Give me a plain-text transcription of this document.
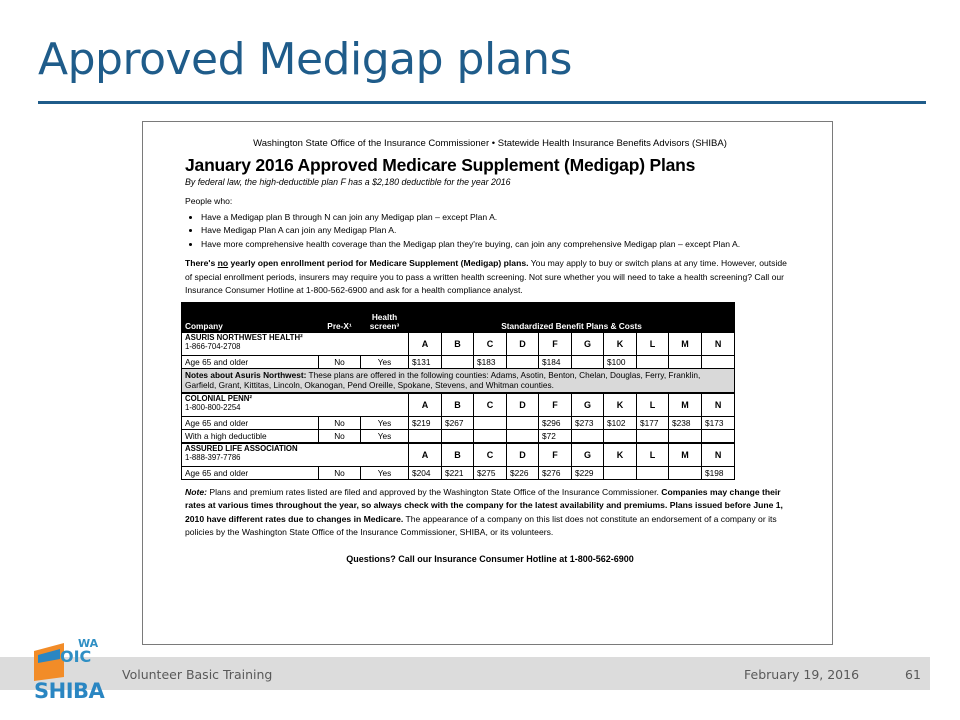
Approved Medigap plans
Washington State Office of the Insurance Commissioner • Statewide Health Insurance Benefits Advisors (SHIBA)
January 2016 Approved Medicare Supplement (Medigap) Plans
By federal law, the high-deductible plan F has a $2,180 deductible for the year 2016
People who:
• Have a Medigap plan B through N can join any Medigap plan – except Plan A.
• Have Medigap Plan A can join any Medigap Plan A.
• Have more comprehensive health coverage than the Medigap plan they're buying, can join any comprehensive Medigap plan – except Plan A.
There's no yearly open enrollment period for Medicare Supplement (Medigap) plans. You may apply to buy or switch plans at any time. However, outside of special enrollment periods, insurers may require you to pass a written health screening. Not sure whether you will need to take a health screening? Call our Insurance Consumer Hotline at 1-800-562-6900 and ask for a health compliance analyst.
Company	Pre-X¹	Health screen³	Standardized Benefit Plans & Costs									
ASURIS NORTHWEST HEALTH²
1-866-704-2708			A	B	C	D	F	G	K	L	M	N
Age 65 and older	No	Yes	$131		$183		$184		$100			
Notes about Asuris Northwest: These plans are offered in the following counties: Adams, Asotin, Benton, Chelan, Douglas, Ferry, Franklin, Garfield, Grant, Kittitas, Lincoln, Okanogan, Pend Oreille, Spokane, Stevens, and Whitman counties.												
COLONIAL PENN²
1-800-800-2254			A	B	C	D	F	G	K	L	M	N
Age 65 and older	No	Yes	$219	$267			$296	$273	$102	$177	$238	$173
With a high deductible	No	Yes					$72					
ASSURED LIFE ASSOCIATION
1-888-397-7786			A	B	C	D	F	G	K	L	M	N
Age 65 and older	No	Yes	$204	$221	$275	$226	$276	$229				$198
Note: Plans and premium rates listed are filed and approved by the Washington State Office of the Insurance Commissioner. Companies may change their rates at various times throughout the year, so always check with the company for the latest availability and premiums. Plans issued before June 1, 2010 have different rates due to changes in Medicare. The appearance of a company on this list does not constitute an endorsement of a company or its policies by the Washington State Office of the Insurance Commissioner, SHIBA, or its volunteers.
Questions? Call our Insurance Consumer Hotline at 1-800-562-6900
Volunteer Basic Training	February 19, 2016	61
WA
OIC
SHIBA
